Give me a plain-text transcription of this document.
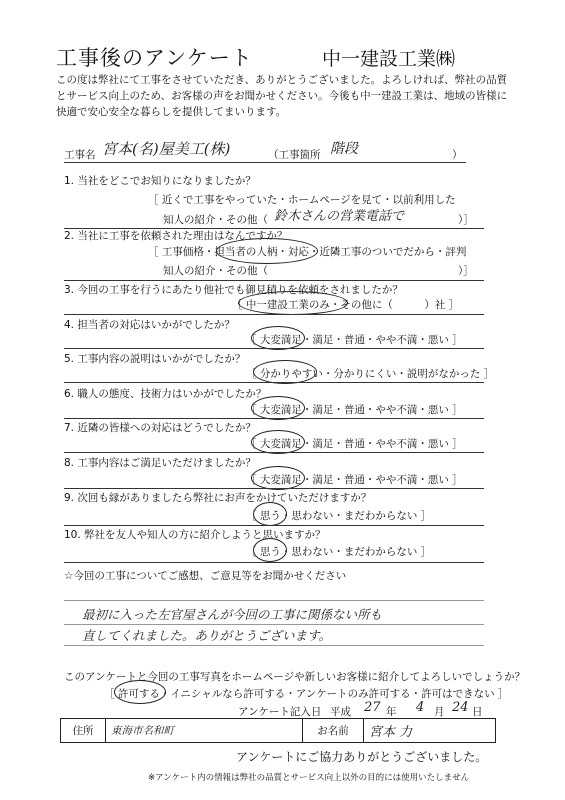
工事後のアンケート	中一建設工業㈱
この度は弊社にて工事をさせていただき、ありがとうございました。よろしければ、弊社の品質とサービス向上のため、お客様の声をお聞かせください。今後も中一建設工業は、地域の皆様に快適で安心安全な暮らしを提供してまいります。
工事名 宮本(名)屋美工(株)	（工事箇所 階段	）
1. 当社をどこでお知りになりましたか？
［ 近くで工事をやっていた・ホームページを見て・以前利用した
知人の紹介・その他（ 鈴木さんの営業電話で	）］
2. 当社に工事を依頼された理由はなんですか？
［ 工事価格・担当者の人柄・対応・近隣工事のついでだから・評判
知人の紹介・その他（	）］
3. 今回の工事を行うにあたり他社でも御見積りを依頼をされましたか？
［ 中一建設工業のみ・その他に（　　　）社 ］
4. 担当者の対応はいかがでしたか？
［ 大変満足・満足・普通・やや不満・悪い ］
5. 工事内容の説明はいかがでしたか？
［ 分かりやすい・分かりにくい・説明がなかった ］
6. 職人の態度、技術力はいかがでしたか？
［ 大変満足・満足・普通・やや不満・悪い ］
7. 近隣の皆様への対応はどうでしたか？
［ 大変満足・満足・普通・やや不満・悪い ］
8. 工事内容はご満足いただけましたか？
［ 大変満足・満足・普通・やや不満・悪い ］
9. 次回も縁がありましたら弊社にお声をかけていただけますか？
［ 思う・思わない・まだわからない ］
10. 弊社を友人や知人の方に紹介しようと思いますか？
［ 思う・思わない・まだわからない ］
☆今回の工事についてご感想、ご意見等をお聞かせください
最初に入った左官屋さんが今回の工事に関係ない所も
直してくれました。ありがとうございます。
このアンケートと今回の工事写真をホームページや新しいお客様に紹介してよろしいでしょうか？
［ 許可する・イニシャルなら許可する・アンケートのみ許可する・許可はできない ］
アンケート記入日 平成 27 年 4 月 24 日
住所	東海市名和町	お名前	宮本 力
アンケートにご協力ありがとうございました。
※アンケート内の情報は弊社の品質とサービス向上以外の目的には使用いたしません
